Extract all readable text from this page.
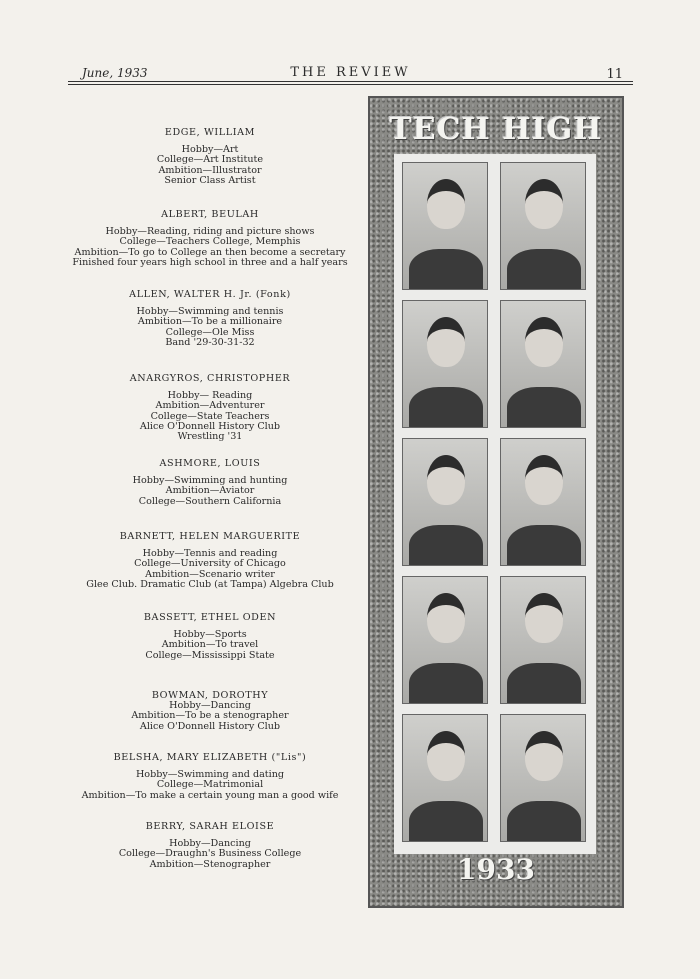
June, 1933	THE REVIEW	11
EDGE, WILLIAM
Hobby—Art
College—Art Institute
Ambition—Illustrator
Senior Class Artist
ALBERT, BEULAH
Hobby—Reading, riding and picture shows
College—Teachers College, Memphis
Ambition—To go to College an then become a secretary
Finished four years high school in three and a half years
ALLEN, WALTER H. Jr. (Fonk)
Hobby—Swimming and tennis
Ambition—To be a millionaire
College—Ole Miss
Band '29-30-31-32
ANARGYROS, CHRISTOPHER
Hobby— Reading
Ambition—Adventurer
College—State Teachers
Alice O'Donnell History Club
Wrestling '31
ASHMORE, LOUIS
Hobby—Swimming and hunting
Ambition—Aviator
College—Southern California
BARNETT, HELEN MARGUERITE
Hobby—Tennis and reading
College—University of Chicago
Ambition—Scenario writer
Glee Club. Dramatic Club (at Tampa) Algebra Club
BASSETT, ETHEL ODEN
Hobby—Sports
Ambition—To travel
College—Mississippi State
BOWMAN, DOROTHY
Hobby—Dancing
Ambition—To be a stenographer
Alice O'Donnell History Club
BELSHA, MARY ELIZABETH ("Lis")
Hobby—Swimming and dating
College—Matrimonial
Ambition—To make a certain young man a good wife
BERRY, SARAH ELOISE
Hobby—Dancing
College—Draughn's Business College
Ambition—Stenographer
TECH HIGH
1933
